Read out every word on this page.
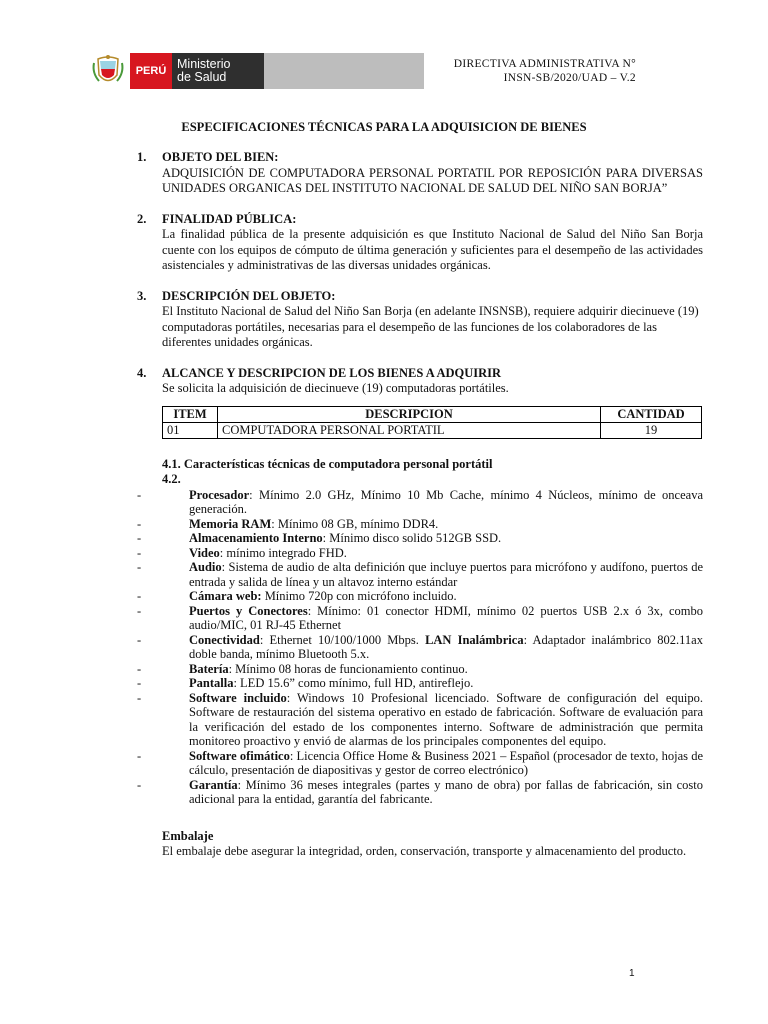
PERÚ Ministerio
de Salud
DIRECTIVA ADMINISTRATIVA N°
INSN-SB/2020/UAD – V.2
ESPECIFICACIONES TÉCNICAS PARA LA ADQUISICION DE BIENES
1. OBJETO DEL BIEN:
ADQUISICIÓN DE COMPUTADORA PERSONAL PORTATIL POR REPOSICIÓN PARA DIVERSAS UNIDADES ORGANICAS DEL INSTITUTO NACIONAL DE SALUD DEL NIÑO SAN BORJA”
2. FINALIDAD PÚBLICA:
La finalidad pública de la presente adquisición es que Instituto Nacional de Salud del Niño San Borja cuente con los equipos de cómputo de última generación y suficientes para el desempeño de las actividades asistenciales y administrativas de las diversas unidades orgánicas.
3. DESCRIPCIÓN DEL OBJETO:
El Instituto Nacional de Salud del Niño San Borja (en adelante INSNSB), requiere adquirir diecinueve (19) computadoras portátiles, necesarias para el desempeño de las funciones de los colaboradores de las diferentes unidades orgánicas.
4. ALCANCE Y DESCRIPCION DE LOS BIENES A ADQUIRIR
Se solicita la adquisición de diecinueve (19) computadoras portátiles.
ITEM	DESCRIPCION	CANTIDAD
01	COMPUTADORA PERSONAL PORTATIL	19
4.1. Características técnicas de computadora personal portátil
4.2.
-	Procesador: Mínimo 2.0 GHz, Mínimo 10 Mb Cache, mínimo 4 Núcleos, mínimo de onceava generación.
-	Memoria RAM: Mínimo 08 GB, mínimo DDR4.
-	Almacenamiento Interno: Mínimo disco solido 512GB SSD.
-	Video: mínimo integrado FHD.
-	Audio: Sistema de audio de alta definición que incluye puertos para micrófono y audífono, puertos de entrada y salida de línea y un altavoz interno estándar
-	Cámara web: Mínimo 720p con micrófono incluido.
-	Puertos y Conectores: Mínimo: 01 conector HDMI, mínimo 02 puertos USB 2.x ó 3x, combo audio/MIC, 01 RJ-45 Ethernet
-	Conectividad: Ethernet 10/100/1000 Mbps. LAN Inalámbrica: Adaptador inalámbrico 802.11ax doble banda, mínimo Bluetooth 5.x.
-	Batería: Mínimo 08 horas de funcionamiento continuo.
-	Pantalla: LED 15.6” como mínimo, full HD, antireflejo.
-	Software incluido: Windows 10 Profesional licenciado. Software de configuración del equipo. Software de restauración del sistema operativo en estado de fabricación. Software de evaluación para la verificación del estado de los componentes interno. Software de administración que permita monitoreo proactivo y envió de alarmas de los principales componentes del equipo.
-	Software ofimático: Licencia Office Home & Business 2021 – Español (procesador de texto, hojas de cálculo, presentación de diapositivas y gestor de correo electrónico)
-	Garantía: Mínimo 36 meses integrales (partes y mano de obra) por fallas de fabricación, sin costo adicional para la entidad, garantía del fabricante.
Embalaje
El embalaje debe asegurar la integridad, orden, conservación, transporte y almacenamiento del producto.
1
